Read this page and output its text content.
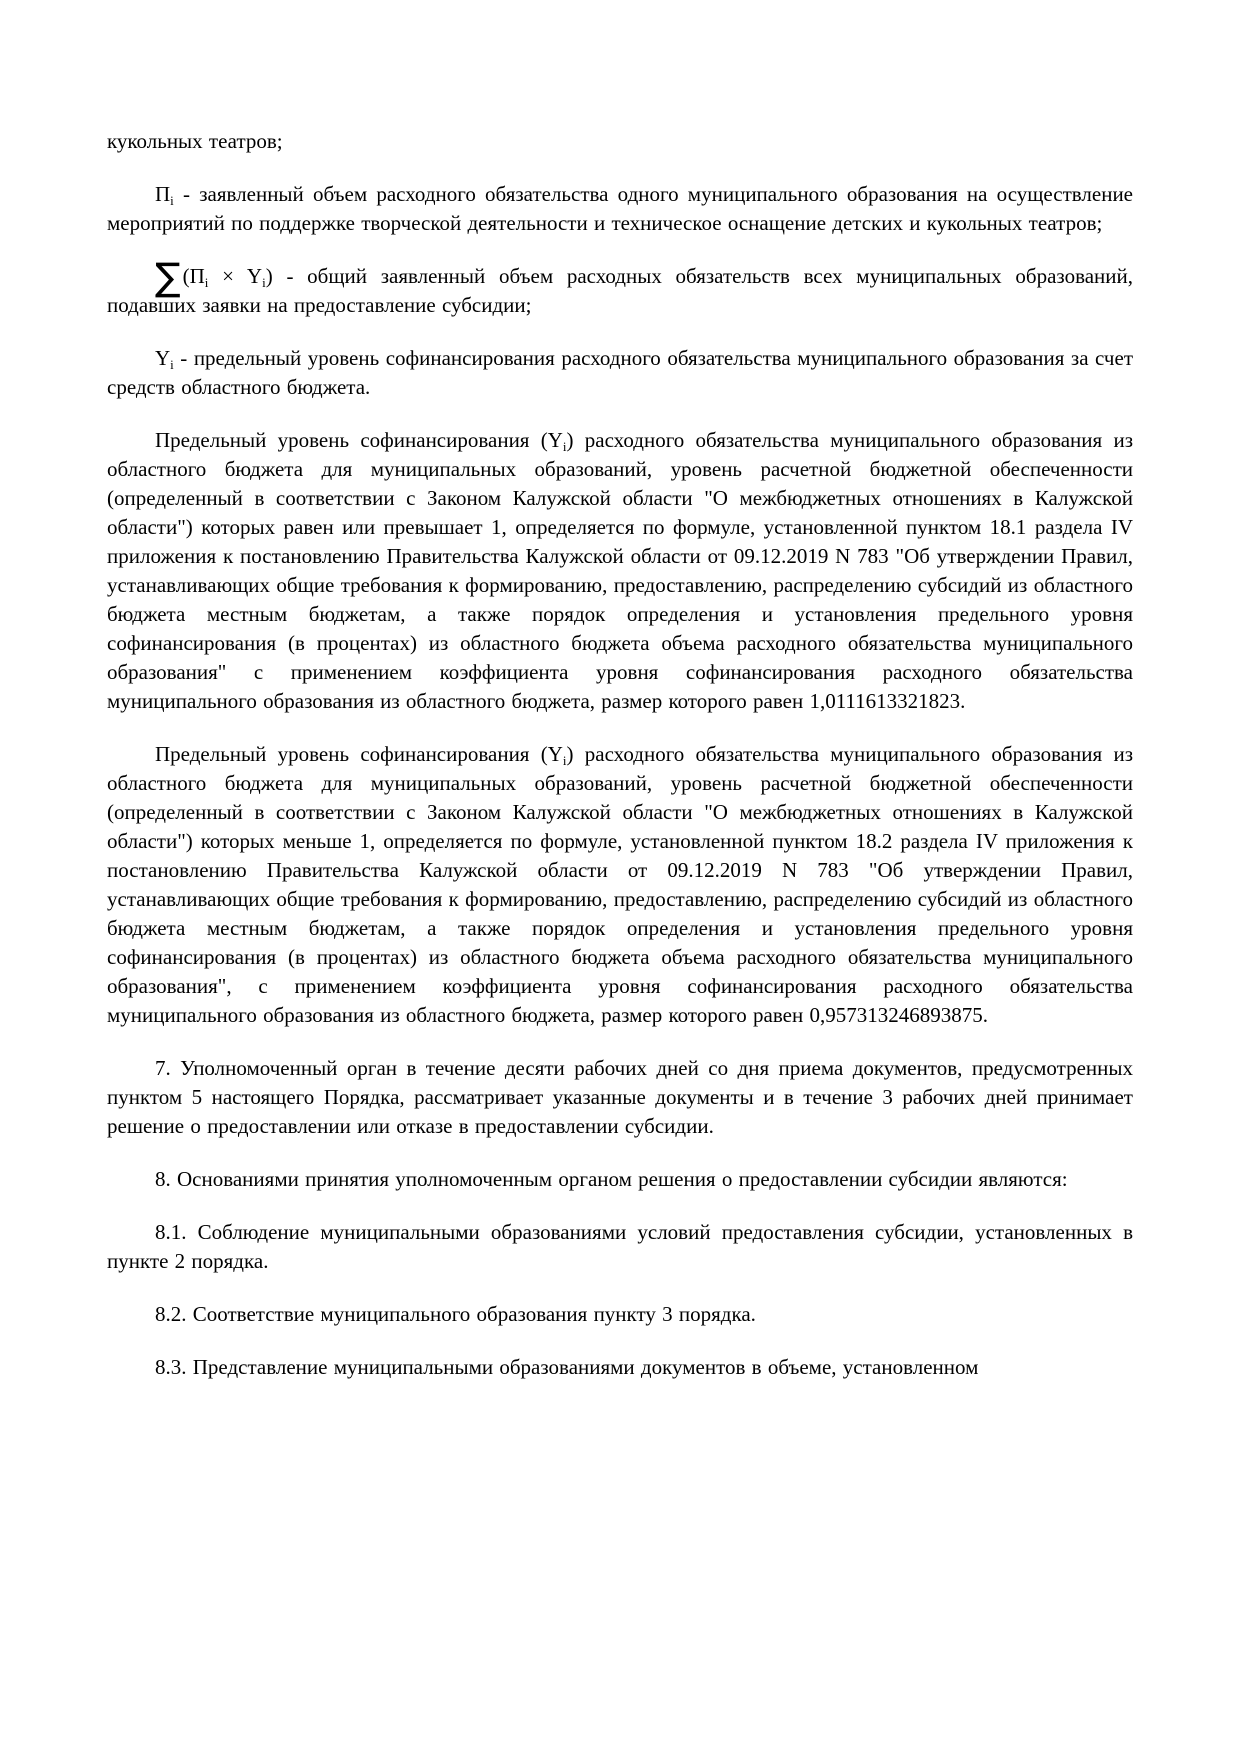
кукольных театров;

$П_i$ - заявленный объем расходного обязательства одного муниципального образования на осуществление мероприятий по поддержке творческой деятельности и техническое оснащение детских и кукольных театров;

$\sum(П_i \times Y_i)$ - общий заявленный объем расходных обязательств всех муниципальных образований, подавших заявки на предоставление субсидии;

$Y_i$ - предельный уровень софинансирования расходного обязательства муниципального образования за счет средств областного бюджета.

Предельный уровень софинансирования $(Y_i)$ расходного обязательства муниципального образования из областного бюджета для муниципальных образований, уровень расчетной бюджетной обеспеченности (определенный в соответствии с Законом Калужской области "О межбюджетных отношениях в Калужской области") которых равен или превышает 1, определяется по формуле, установленной пунктом 18.1 раздела IV приложения к постановлению Правительства Калужской области от 09.12.2019 N 783 "Об утверждении Правил, устанавливающих общие требования к формированию, предоставлению, распределению субсидий из областного бюджета местным бюджетам, а также порядок определения и установления предельного уровня софинансирования (в процентах) из областного бюджета объема расходного обязательства муниципального образования" с применением коэффициента уровня софинансирования расходного обязательства муниципального образования из областного бюджета, размер которого равен 1,0111613321823.

Предельный уровень софинансирования $(Y_i)$ расходного обязательства муниципального образования из областного бюджета для муниципальных образований, уровень расчетной бюджетной обеспеченности (определенный в соответствии с Законом Калужской области "О межбюджетных отношениях в Калужской области") которых меньше 1, определяется по формуле, установленной пунктом 18.2 раздела IV приложения к постановлению Правительства Калужской области от 09.12.2019 N 783 "Об утверждении Правил, устанавливающих общие требования к формированию, предоставлению, распределению субсидий из областного бюджета местным бюджетам, а также порядок определения и установления предельного уровня софинансирования (в процентах) из областного бюджета объема расходного обязательства муниципального образования", с применением коэффициента уровня софинансирования расходного обязательства муниципального образования из областного бюджета, размер которого равен 0,957313246893875.

7. Уполномоченный орган в течение десяти рабочих дней со дня приема документов, предусмотренных пунктом 5 настоящего Порядка, рассматривает указанные документы и в течение 3 рабочих дней принимает решение о предоставлении или отказе в предоставлении субсидии.

8. Основаниями принятия уполномоченным органом решения о предоставлении субсидии являются:

8.1. Соблюдение муниципальными образованиями условий предоставления субсидии, установленных в пункте 2 порядка.

8.2. Соответствие муниципального образования пункту 3 порядка.

8.3. Представление муниципальными образованиями документов в объеме, установленном
